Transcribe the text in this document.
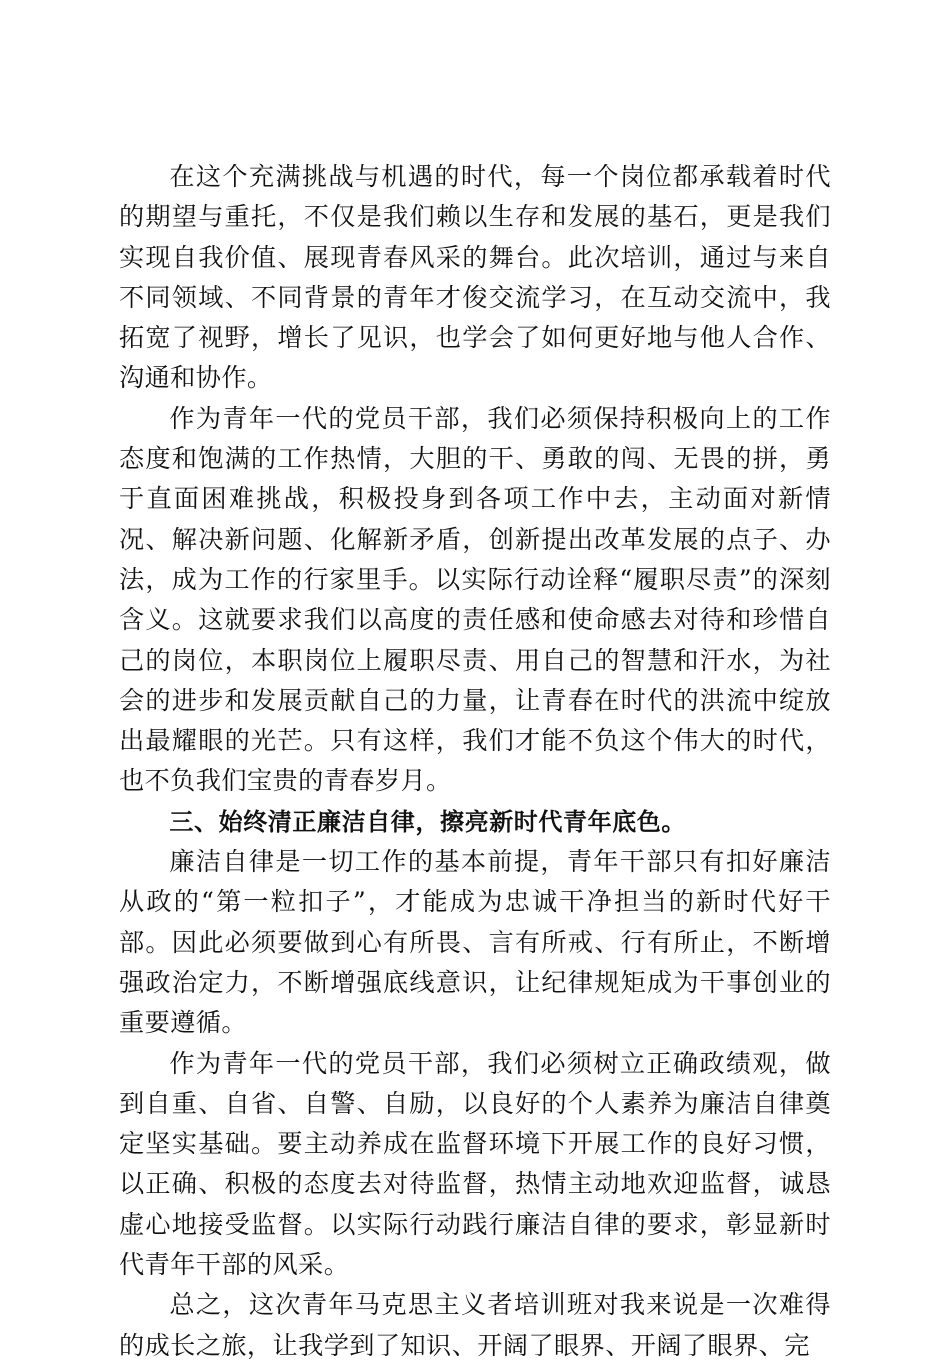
在这个充满挑战与机遇的时代，每一个岗位都承载着时代的期望与重托，不仅是我们赖以生存和发展的基石，更是我们实现自我价值、展现青春风采的舞台。此次培训，通过与来自不同领域、不同背景的青年才俊交流学习，在互动交流中，我拓宽了视野，增长了见识，也学会了如何更好地与他人合作、沟通和协作。

作为青年一代的党员干部，我们必须保持积极向上的工作态度和饱满的工作热情，大胆的干、勇敢的闯、无畏的拼，勇于直面困难挑战，积极投身到各项工作中去，主动面对新情况、解决新问题、化解新矛盾，创新提出改革发展的点子、办法，成为工作的行家里手。以实际行动诠释“履职尽责”的深刻含义。这就要求我们以高度的责任感和使命感去对待和珍惜自己的岗位，本职岗位上履职尽责、用自己的智慧和汗水，为社会的进步和发展贡献自己的力量，让青春在时代的洪流中绽放出最耀眼的光芒。只有这样，我们才能不负这个伟大的时代，也不负我们宝贵的青春岁月。

三、始终清正廉洁自律，擦亮新时代青年底色。

廉洁自律是一切工作的基本前提，青年干部只有扣好廉洁从政的“第一粒扣子”，才能成为忠诚干净担当的新时代好干部。因此必须要做到心有所畏、言有所戒、行有所止，不断增强政治定力，不断增强底线意识，让纪律规矩成为干事创业的重要遵循。

作为青年一代的党员干部，我们必须树立正确政绩观，做到自重、自省、自警、自励，以良好的个人素养为廉洁自律奠定坚实基础。要主动养成在监督环境下开展工作的良好习惯，以正确、积极的态度去对待监督，热情主动地欢迎监督，诚恳虚心地接受监督。以实际行动践行廉洁自律的要求，彰显新时代青年干部的风采。

总之，这次青年马克思主义者培训班对我来说是一次难得的成长之旅，让我学到了知识、开阔了眼界、开阔了眼界、完
